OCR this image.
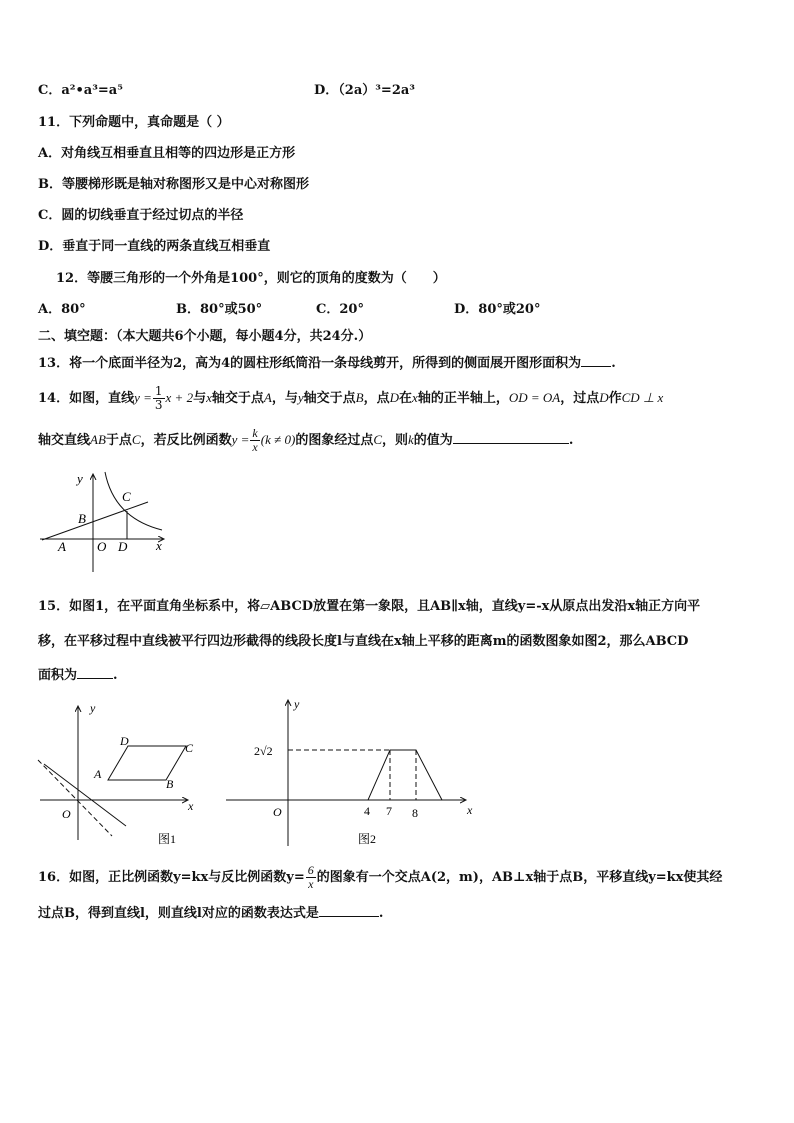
C．a²•a³=a⁵	D．（2a）³=2a³
11．下列命题中，真命题是（ ）
A．对角线互相垂直且相等的四边形是正方形
B．等腰梯形既是轴对称图形又是中心对称图形
C．圆的切线垂直于经过切点的半径
D．垂直于同一直线的两条直线互相垂直
12．等腰三角形的一个外角是100°，则它的顶角的度数为（　　）
A．80°	B．80°或50°	C．20°	D．80°或20°
二、填空题：（本大题共6个小题，每小题4分，共24分.）
13．将一个底面半径为2，高为4的圆柱形纸筒沿一条母线剪开，所得到的侧面展开图形面积为 .
14．如图，直线$y = \frac{1}{3}$ x + 2与x轴交于点A，与y轴交于点B，点D在x轴的正半轴上，OD = OA，过点D作CD ⊥ x
轴交直线AB于点C，若反比例函数$y = \frac{k}{x} (k \ne 0)$的图象经过点C，则k的值为	.
y
C
B
A O D x
15．如图1，在平面直角坐标系中，将▱ABCD放置在第一象限，且AB∥x轴，直线y=-x从原点出发沿x轴正方向平
移，在平移过程中直线被平行四边形截得的线段长度l与直线在x轴上平移的距离m的函数图象如图2，那么ABCD
面积为	.
y
D	C
A
B
O
x
图1
y
2√2
O	4 7 8	x
图2
16．如图，正比例函数y=kx与反比例函数$y= \frac{6}{x}$ 的图象有一个交点A(2，m)，AB⊥x轴于点B，平移直线y=kx使其经
过点B，得到直线l，则直线l对应的函数表达式是	.
